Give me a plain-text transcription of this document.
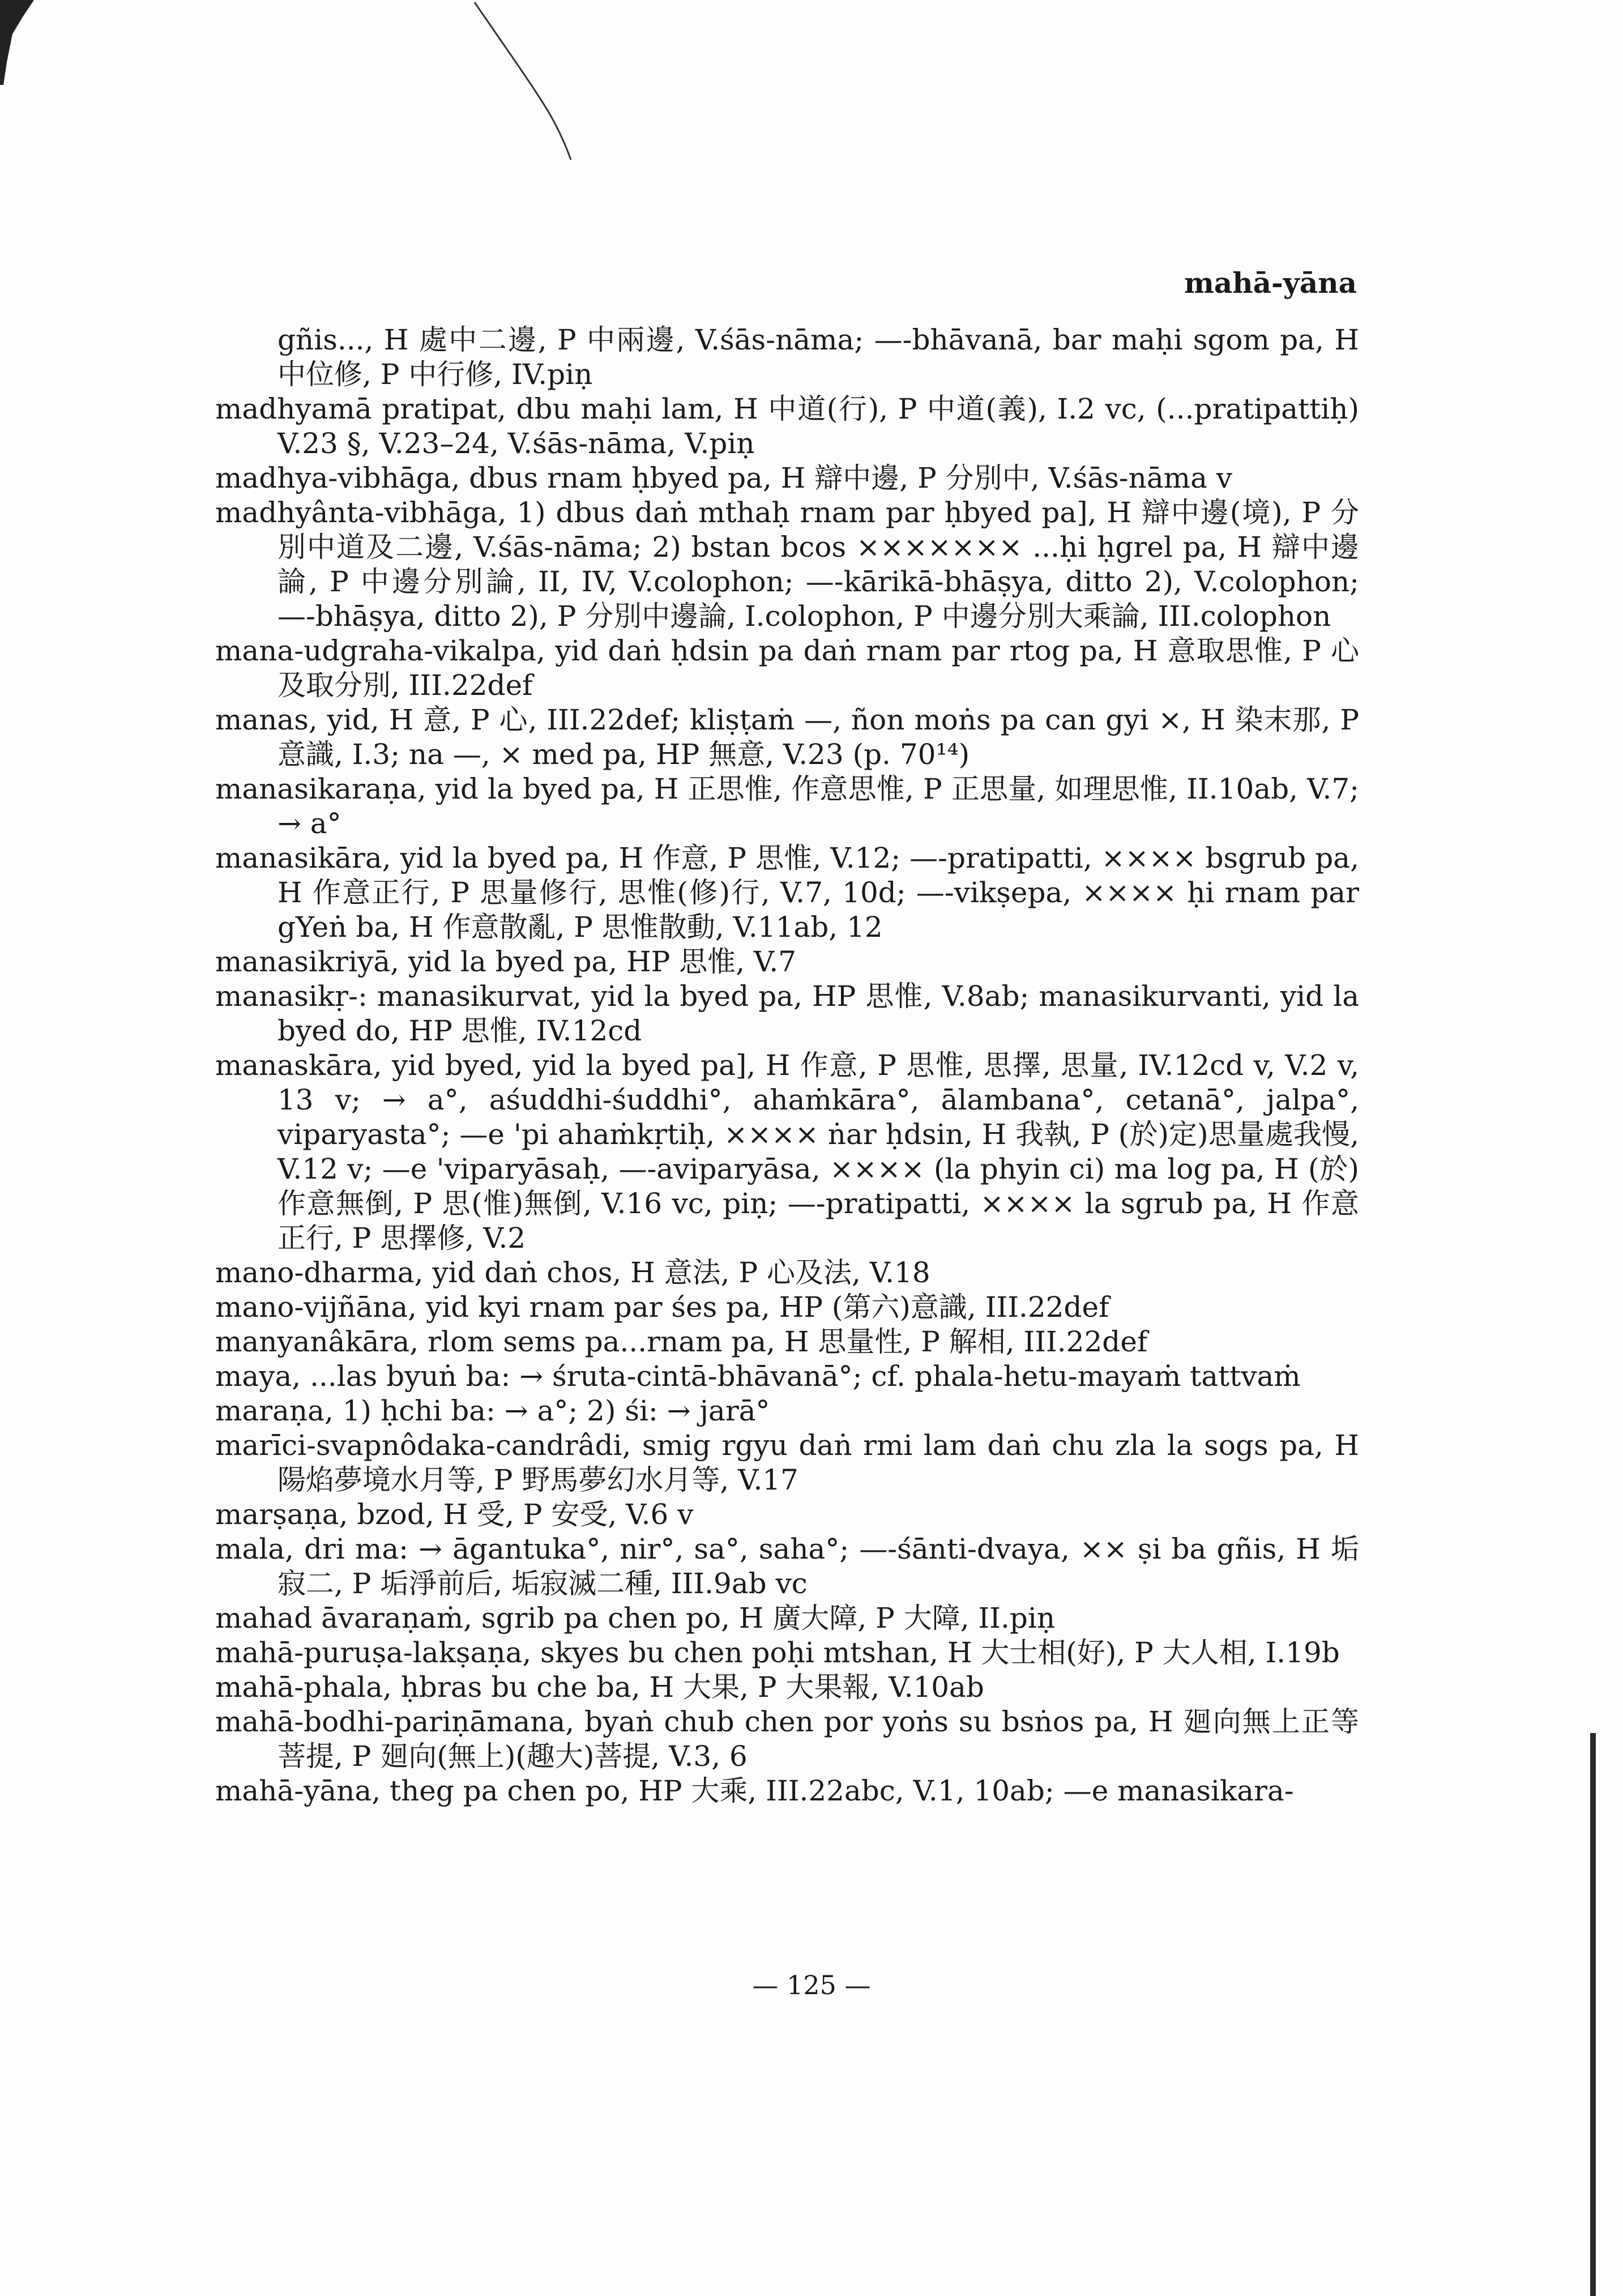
mahā-yāna

gñis..., H 處中二邊, P 中兩邊, V.śās-nāma; —-bhāvanā, bar maḥi sgom pa, H 中位修, P 中行修, IV.piṇ

madhyamā pratipat, dbu maḥi lam, H 中道(行), P 中道(義), I.2 vc, (...pratipattiḥ) V.23 §, V.23–24, V.śās-nāma, V.piṇ

madhya-vibhāga, dbus rnam ḥbyed pa, H 辯中邊, P 分別中, V.śās-nāma v

madhyânta-vibhāga, 1) dbus daṅ mthaḥ rnam par ḥbyed pa], H 辯中邊(境), P 分別中道及二邊, V.śās-nāma; 2) bstan bcos ××××××× ...ḥi ḥgrel pa, H 辯中邊論, P 中邊分別論, II, IV, V.colophon; —-kārikā-bhāṣya, ditto 2), V.colophon; —-bhāṣya, ditto 2), P 分別中邊論, I.colophon, P 中邊分別大乘論, III.colophon

mana-udgraha-vikalpa, yid daṅ ḥdsin pa daṅ rnam par rtog pa, H 意取思惟, P 心及取分別, III.22def

manas, yid, H 意, P 心, III.22def; kliṣṭaṁ —, ñon moṅs pa can gyi ×, H 染末那, P 意識, I.3; na —, × med pa, HP 無意, V.23 (p. 70¹⁴)

manasikaraṇa, yid la byed pa, H 正思惟, 作意思惟, P 正思量, 如理思惟, II.10ab, V.7; → a°

manasikāra, yid la byed pa, H 作意, P 思惟, V.12; —-pratipatti, ×××× bsgrub pa, H 作意正行, P 思量修行, 思惟(修)行, V.7, 10d; —-vikṣepa, ×××× ḥi rnam par gYeṅ ba, H 作意散亂, P 思惟散動, V.11ab, 12

manasikriyā, yid la byed pa, HP 思惟, V.7

manasikṛ-: manasikurvat, yid la byed pa, HP 思惟, V.8ab; manasikurvanti, yid la byed do, HP 思惟, IV.12cd

manaskāra, yid byed, yid la byed pa], H 作意, P 思惟, 思擇, 思量, IV.12cd v, V.2 v, 13 v; → a°, aśuddhi-śuddhi°, ahaṁkāra°, ālambana°, cetanā°, jalpa°, viparyasta°; —e 'pi ahaṁkṛtiḥ, ×××× ṅar ḥdsin, H 我執, P (於)定)思量處我慢, V.12 v; —e 'viparyāsaḥ, —-aviparyāsa, ×××× (la phyin ci) ma log pa, H (於)作意無倒, P 思(惟)無倒, V.16 vc, piṇ; —-pratipatti, ×××× la sgrub pa, H 作意正行, P 思擇修, V.2

mano-dharma, yid daṅ chos, H 意法, P 心及法, V.18

mano-vijñāna, yid kyi rnam par śes pa, HP (第六)意識, III.22def

manyanâkāra, rlom sems pa...rnam pa, H 思量性, P 解相, III.22def

maya, ...las byuṅ ba: → śruta-cintā-bhāvanā°; cf. phala-hetu-mayaṁ tattvaṁ

maraṇa, 1) ḥchi ba: → a°; 2) śi: → jarā°

marīci-svapnôdaka-candrâdi, smig rgyu daṅ rmi lam daṅ chu zla la sogs pa, H 陽焰夢境水月等, P 野馬夢幻水月等, V.17

marṣaṇa, bzod, H 受, P 安受, V.6 v

mala, dri ma: → āgantuka°, nir°, sa°, saha°; —-śānti-dvaya, ×× ṣi ba gñis, H 垢寂二, P 垢淨前后, 垢寂滅二種, III.9ab vc

mahad āvaraṇaṁ, sgrib pa chen po, H 廣大障, P 大障, II.piṇ

mahā-puruṣa-lakṣaṇa, skyes bu chen poḥi mtshan, H 大士相(好), P 大人相, I.19b

mahā-phala, ḥbras bu che ba, H 大果, P 大果報, V.10ab

mahā-bodhi-pariṇāmana, byaṅ chub chen por yoṅs su bsṅos pa, H 廻向無上正等菩提, P 廻向(無上)(趣大)菩提, V.3, 6

mahā-yāna, theg pa chen po, HP 大乘, III.22abc, V.1, 10ab; —e manasikara-

— 125 —
